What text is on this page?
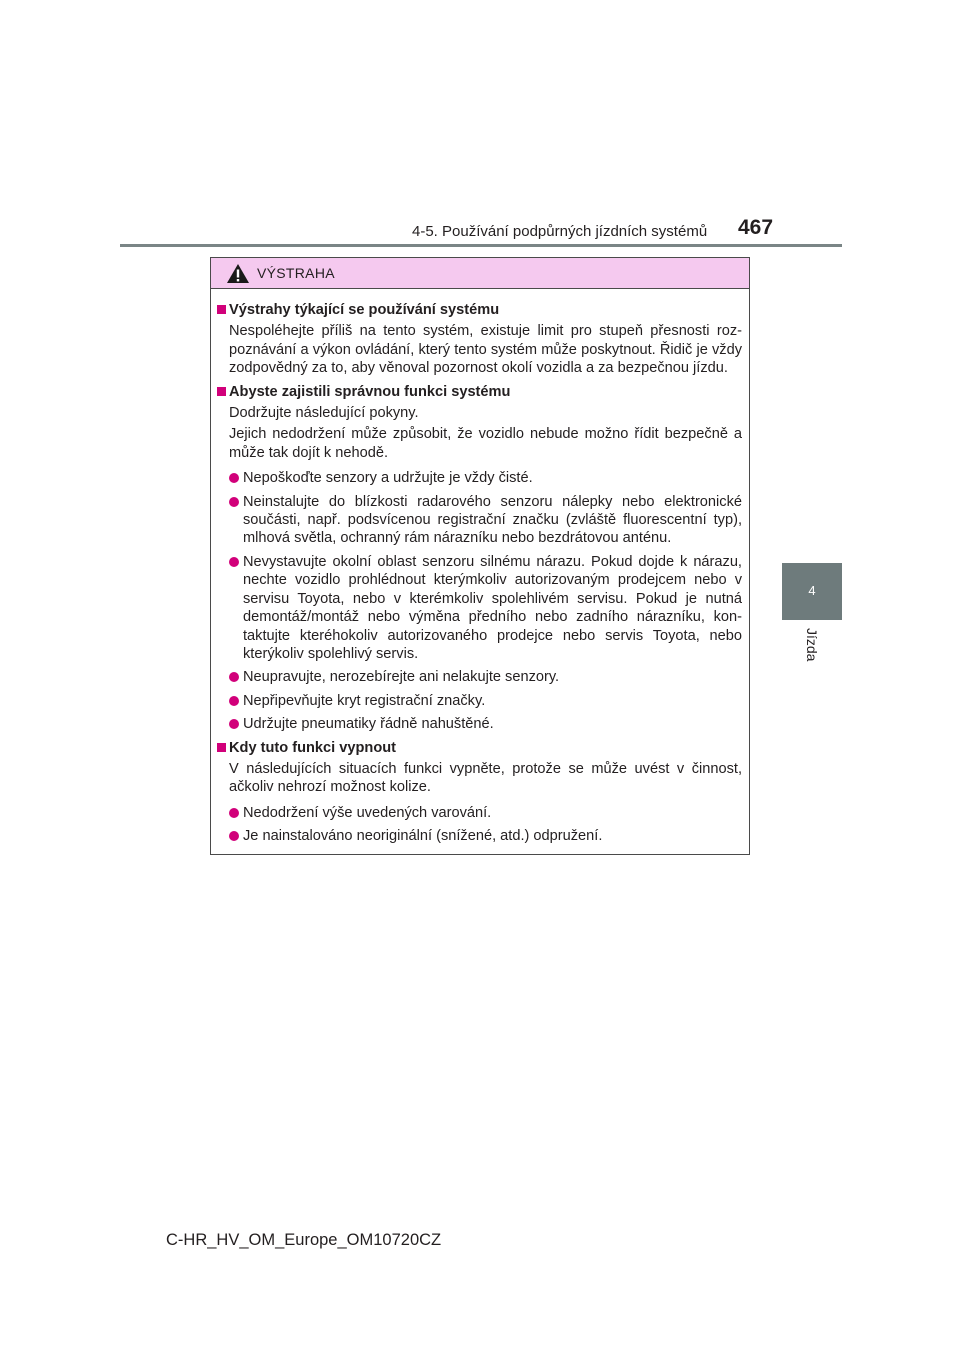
4-5. Používání podpůrných jízdních systémů 467
4
Jízda
VÝSTRAHA
Výstrahy týkající se používání systému
Nespoléhejte příliš na tento systém, existuje limit pro stupeň přesnosti roz-poznávání a výkon ovládání, který tento systém může poskytnout. Řidič je vždy zodpovědný za to, aby věnoval pozornost okolí vozidla a za bezpečnou jízdu.
Abyste zajistili správnou funkci systému
Dodržujte následující pokyny.
Jejich nedodržení může způsobit, že vozidlo nebude možno řídit bezpečně a může tak dojít k nehodě.
Nepoškoďte senzory a udržujte je vždy čisté.
Neinstalujte do blízkosti radarového senzoru nálepky nebo elektronické součásti, např. podsvícenou registrační značku (zvláště fluorescentní typ), mlhová světla, ochranný rám nárazníku nebo bezdrátovou anténu.
Nevystavujte okolní oblast senzoru silnému nárazu. Pokud dojde k nárazu, nechte vozidlo prohlédnout kterýmkoliv autorizovaným prodejcem nebo v servisu Toyota, nebo v kterémkoliv spolehlivém servisu. Pokud je nutná demontáž/montáž nebo výměna předního nebo zadního nárazníku, kon-taktujte kteréhokoliv autorizovaného prodejce nebo servis Toyota, nebo kterýkoliv spolehlivý servis.
Neupravujte, nerozebírejte ani nelakujte senzory.
Nepřipevňujte kryt registrační značky.
Udržujte pneumatiky řádně nahuštěné.
Kdy tuto funkci vypnout
V následujících situacích funkci vypněte, protože se může uvést v činnost, ačkoliv nehrozí možnost kolize.
Nedodržení výše uvedených varování.
Je nainstalováno neoriginální (snížené, atd.) odpružení.
C-HR_HV_OM_Europe_OM10720CZ
